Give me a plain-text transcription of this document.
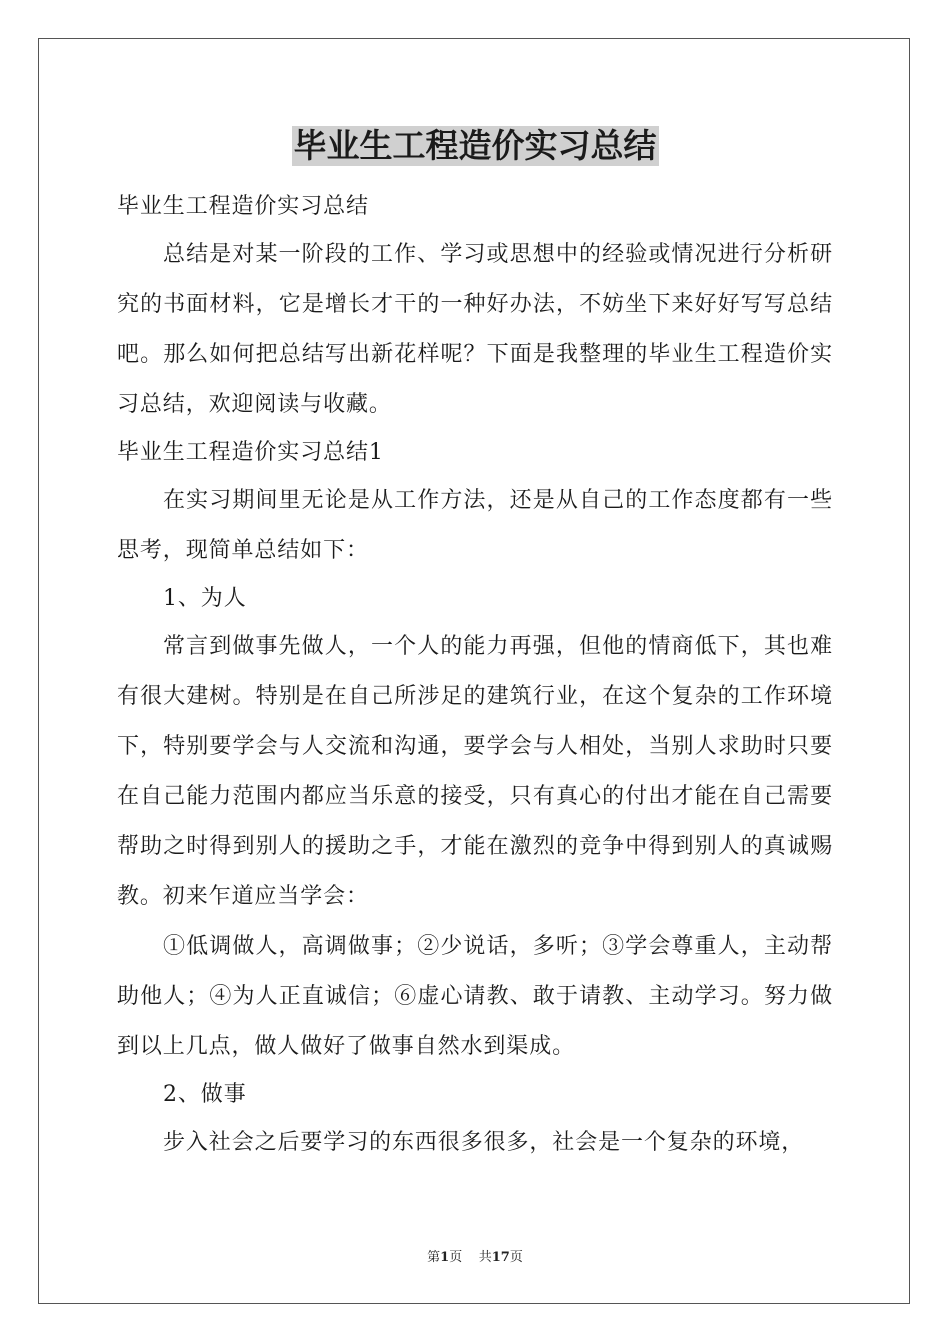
毕业生工程造价实习总结

毕业生工程造价实习总结

总结是对某一阶段的工作、学习或思想中的经验或情况进行分析研究的书面材料，它是增长才干的一种好办法，不妨坐下来好好写写总结吧。那么如何把总结写出新花样呢？下面是我整理的毕业生工程造价实习总结，欢迎阅读与收藏。

毕业生工程造价实习总结1

在实习期间里无论是从工作方法，还是从自己的工作态度都有一些思考，现简单总结如下：

1、为人

常言到做事先做人，一个人的能力再强，但他的情商低下，其也难有很大建树。特别是在自己所涉足的建筑行业，在这个复杂的工作环境下，特别要学会与人交流和沟通，要学会与人相处，当别人求助时只要在自己能力范围内都应当乐意的接受，只有真心的付出才能在自己需要帮助之时得到别人的援助之手，才能在激烈的竞争中得到别人的真诚赐教。初来乍道应当学会：

①低调做人，高调做事；②少说话，多听；③学会尊重人，主动帮助他人；④为人正直诚信；⑥虚心请教、敢于请教、主动学习。努力做到以上几点，做人做好了做事自然水到渠成。

2、做事

步入社会之后要学习的东西很多很多，社会是一个复杂的环境，

第1页 共17页
